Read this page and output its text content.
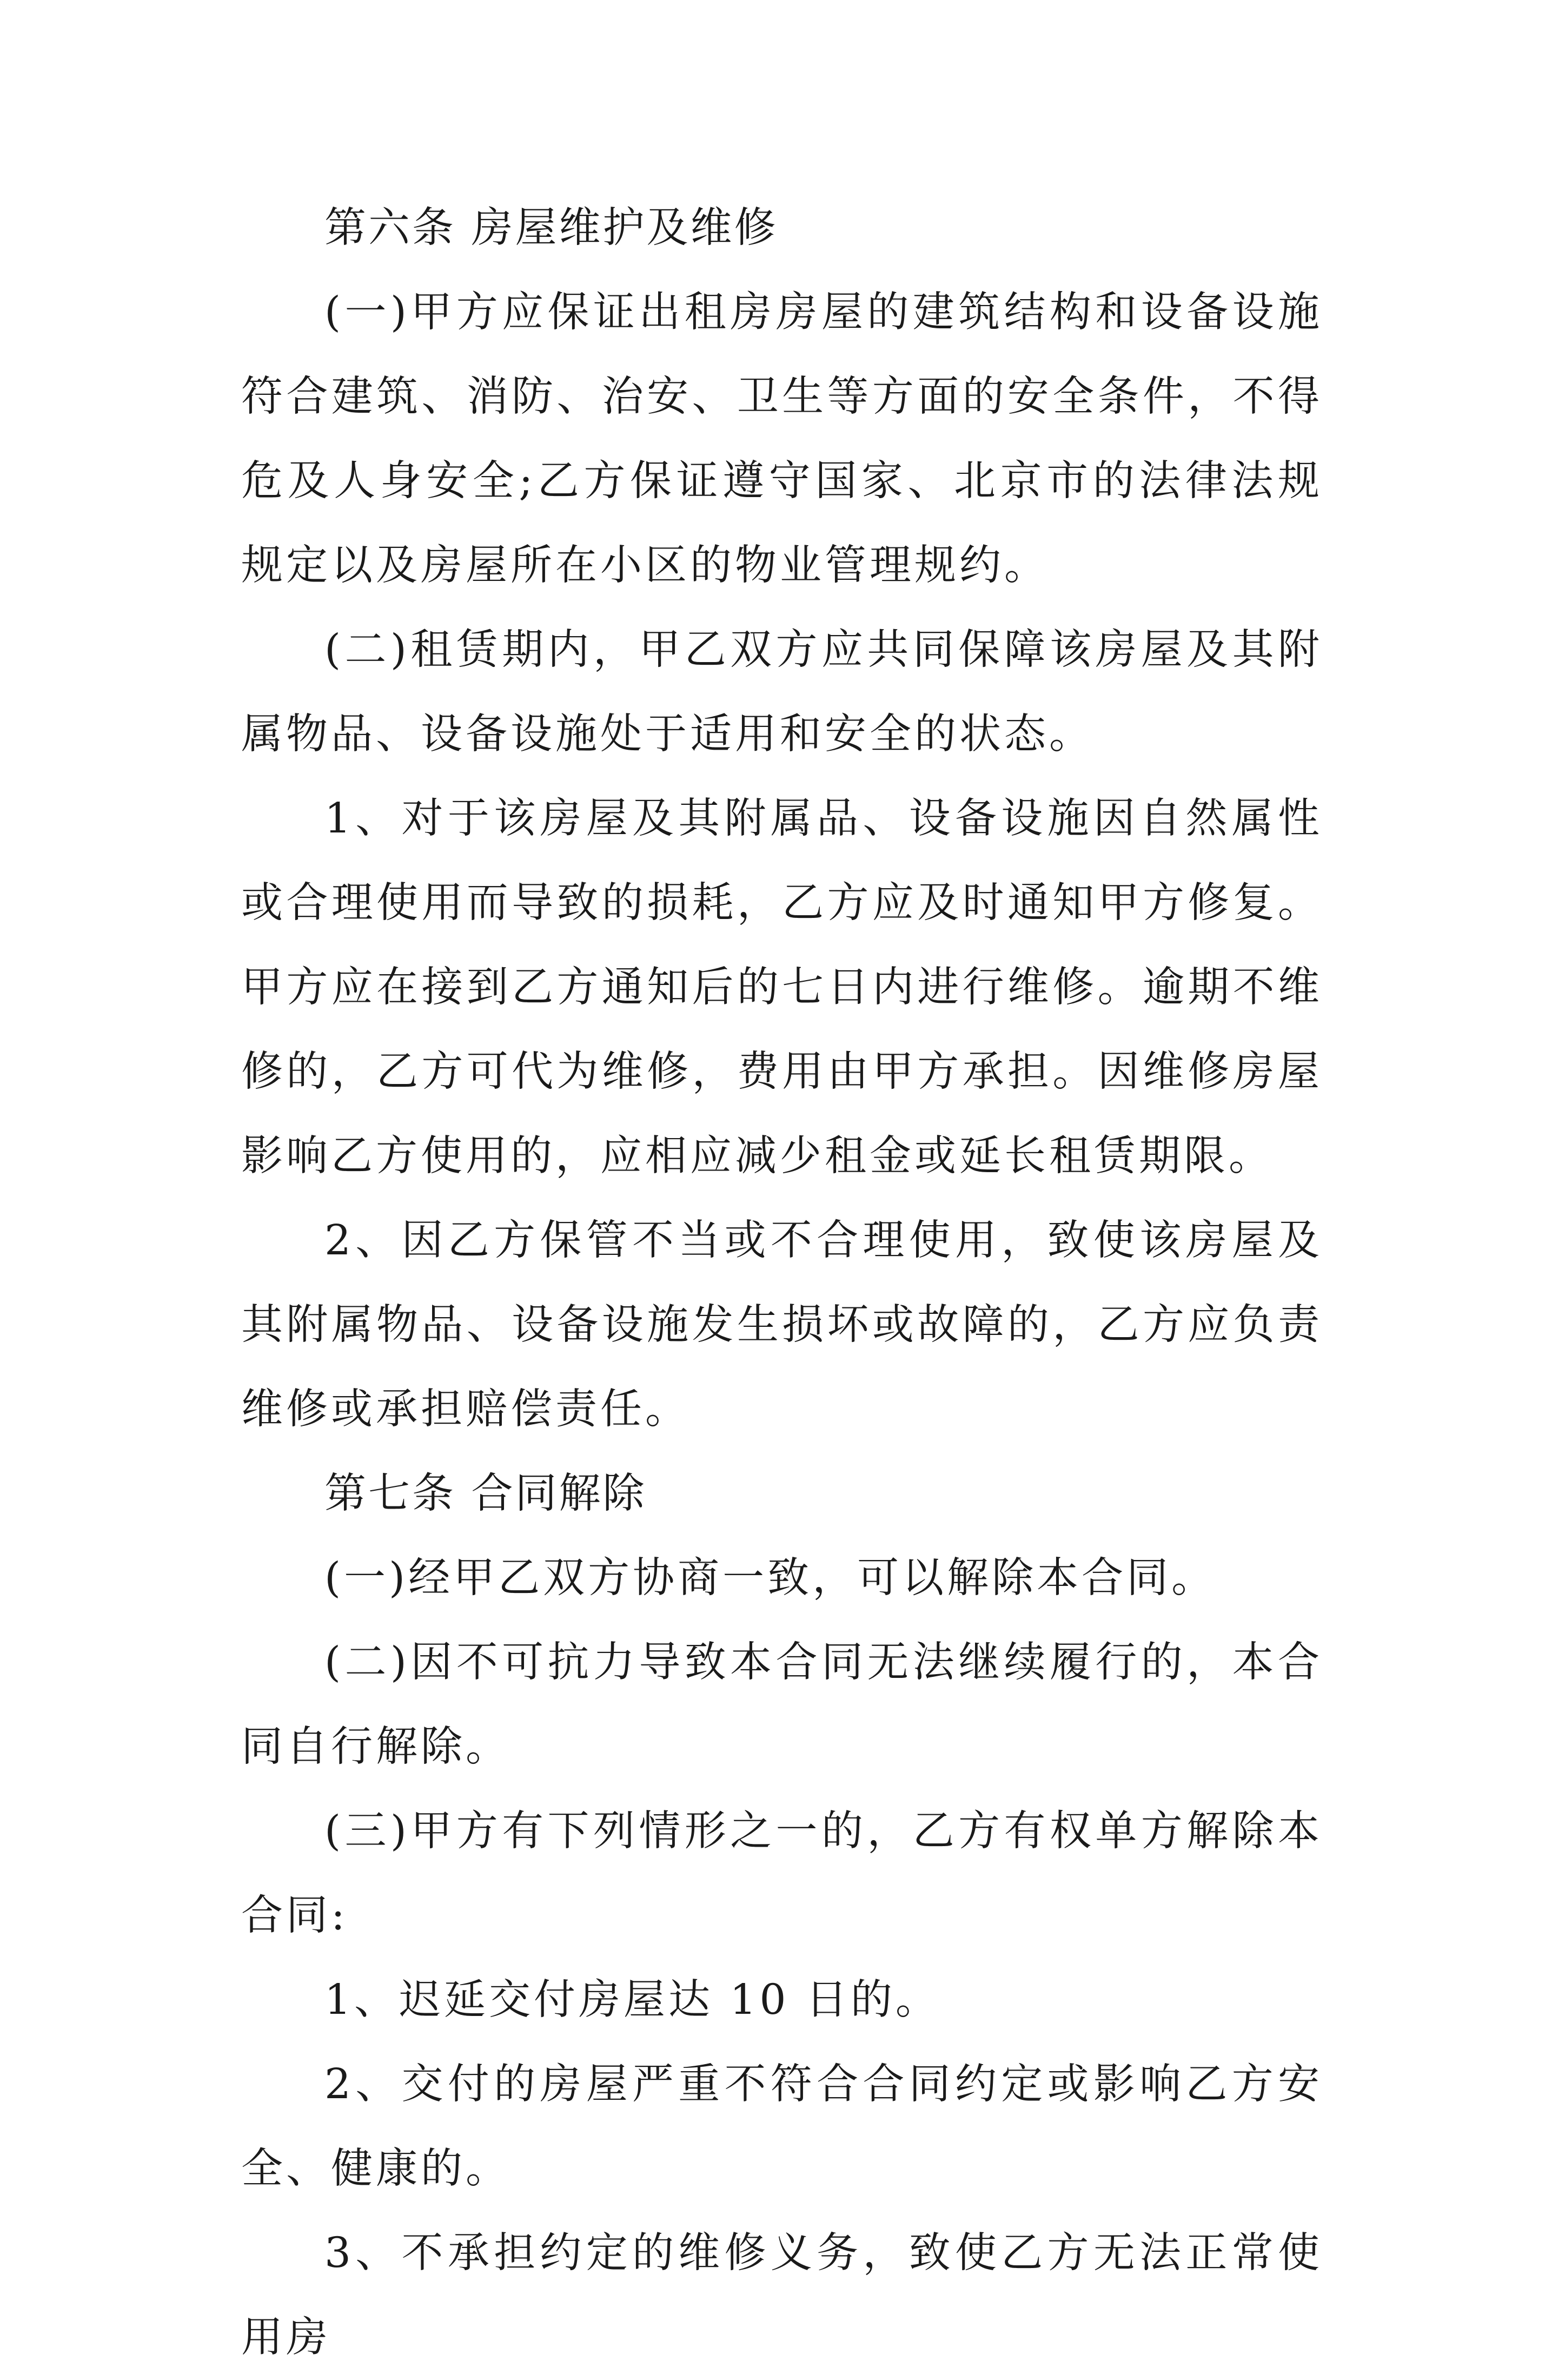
第六条 房屋维护及维修

(一)甲方应保证出租房房屋的建筑结构和设备设施符合建筑、消防、治安、卫生等方面的安全条件，不得危及人身安全;乙方保证遵守国家、北京市的法律法规规定以及房屋所在小区的物业管理规约。

(二)租赁期内，甲乙双方应共同保障该房屋及其附属物品、设备设施处于适用和安全的状态。

1、对于该房屋及其附属品、设备设施因自然属性或合理使用而导致的损耗，乙方应及时通知甲方修复。甲方应在接到乙方通知后的七日内进行维修。逾期不维修的，乙方可代为维修，费用由甲方承担。因维修房屋影响乙方使用的，应相应减少租金或延长租赁期限。

2、因乙方保管不当或不合理使用，致使该房屋及其附属物品、设备设施发生损坏或故障的，乙方应负责维修或承担赔偿责任。

第七条 合同解除

(一)经甲乙双方协商一致，可以解除本合同。

(二)因不可抗力导致本合同无法继续履行的，本合同自行解除。

(三)甲方有下列情形之一的，乙方有权单方解除本合同:

1、迟延交付房屋达 10 日的。

2、交付的房屋严重不符合合同约定或影响乙方安全、健康的。

3、不承担约定的维修义务，致使乙方无法正常使用房
